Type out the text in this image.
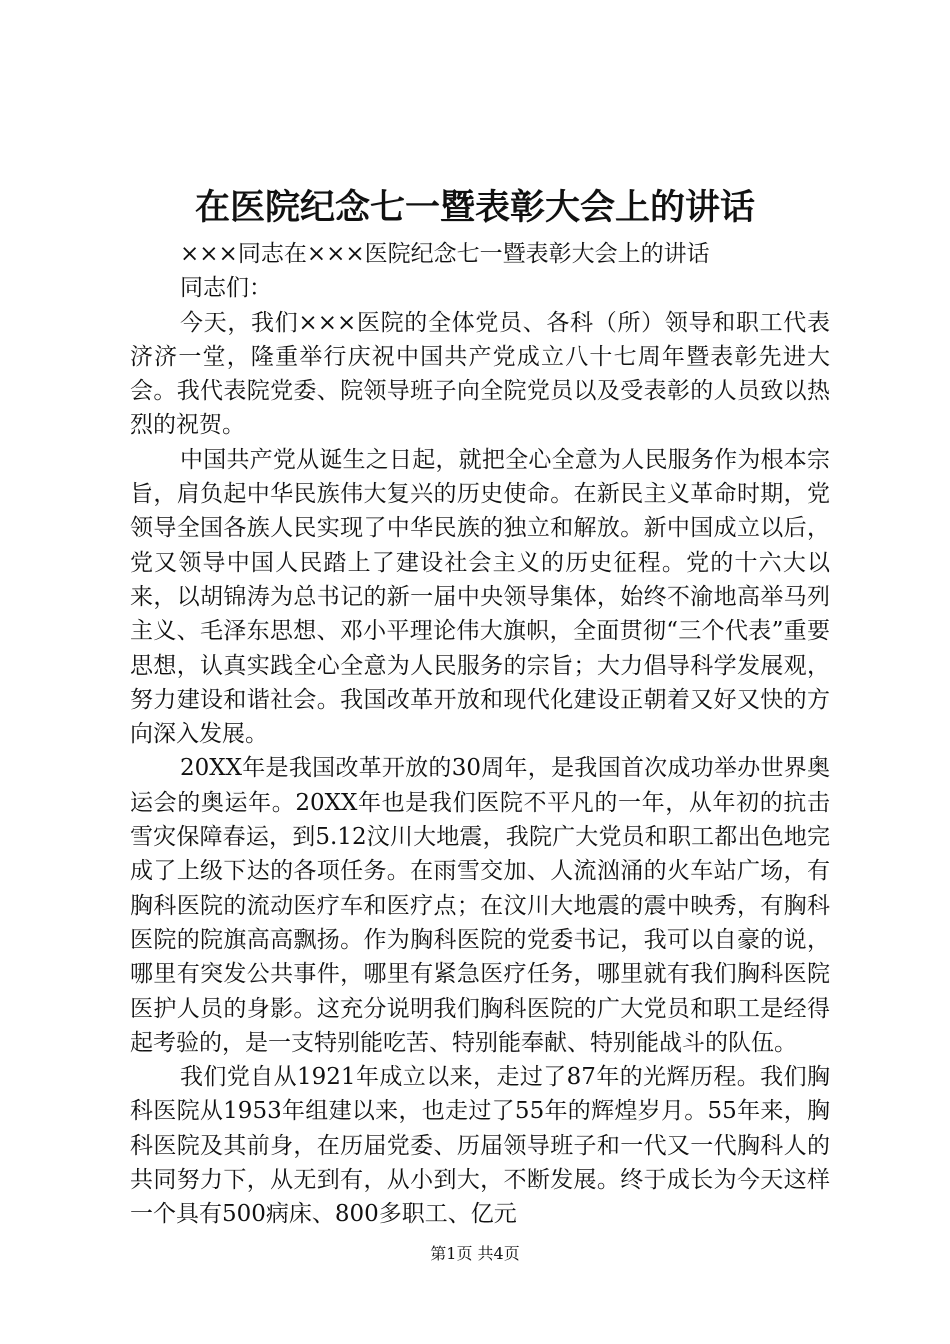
在医院纪念七一暨表彰大会上的讲话

×××同志在×××医院纪念七一暨表彰大会上的讲话

同志们：

今天，我们×××医院的全体党员、各科（所）领导和职工代表济济一堂，隆重举行庆祝中国共产党成立八十七周年暨表彰先进大会。我代表院党委、院领导班子向全院党员以及受表彰的人员致以热烈的祝贺。

中国共产党从诞生之日起，就把全心全意为人民服务作为根本宗旨，肩负起中华民族伟大复兴的历史使命。在新民主义革命时期，党领导全国各族人民实现了中华民族的独立和解放。新中国成立以后，党又领导中国人民踏上了建设社会主义的历史征程。党的十六大以来，以胡锦涛为总书记的新一届中央领导集体，始终不渝地高举马列主义、毛泽东思想、邓小平理论伟大旗帜，全面贯彻“三个代表”重要思想，认真实践全心全意为人民服务的宗旨；大力倡导科学发展观，努力建设和谐社会。我国改革开放和现代化建设正朝着又好又快的方向深入发展。

20XX年是我国改革开放的30周年，是我国首次成功举办世界奥运会的奥运年。20XX年也是我们医院不平凡的一年，从年初的抗击雪灾保障春运，到5.12汶川大地震，我院广大党员和职工都出色地完成了上级下达的各项任务。在雨雪交加、人流汹涌的火车站广场，有胸科医院的流动医疗车和医疗点；在汶川大地震的震中映秀，有胸科医院的院旗高高飘扬。作为胸科医院的党委书记，我可以自豪的说，哪里有突发公共事件，哪里有紧急医疗任务，哪里就有我们胸科医院医护人员的身影。这充分说明我们胸科医院的广大党员和职工是经得起考验的，是一支特别能吃苦、特别能奉献、特别能战斗的队伍。

我们党自从1921年成立以来，走过了87年的光辉历程。我们胸科医院从1953年组建以来，也走过了55年的辉煌岁月。55年来，胸科医院及其前身，在历届党委、历届领导班子和一代又一代胸科人的共同努力下，从无到有，从小到大，不断发展。终于成长为今天这样一个具有500病床、800多职工、亿元

第1页 共4页
